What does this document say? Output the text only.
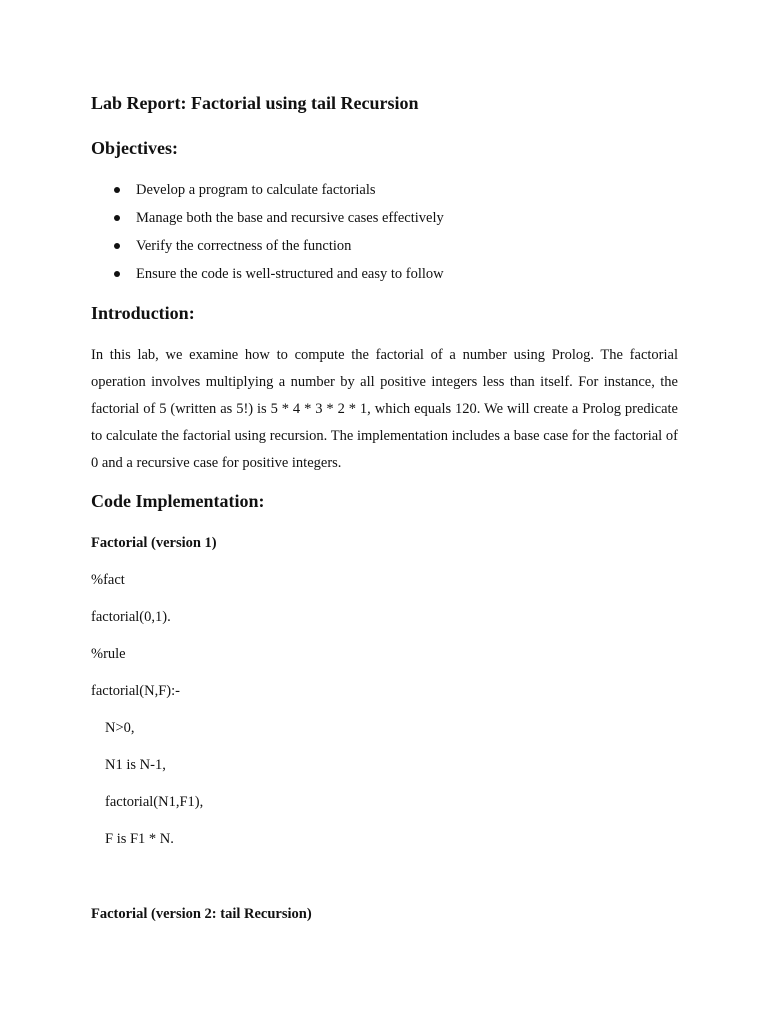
Lab Report: Factorial using tail Recursion
Objectives:
Develop a program to calculate factorials
Manage both the base and recursive cases effectively
Verify the correctness of the function
Ensure the code is well-structured and easy to follow
Introduction:

In this lab, we examine how to compute the factorial of a number using Prolog. The factorial operation involves multiplying a number by all positive integers less than itself. For instance, the factorial of 5 (written as 5!) is 5 * 4 * 3 * 2 * 1, which equals 120. We will create a Prolog predicate to calculate the factorial using recursion. The implementation includes a base case for the factorial of 0 and a recursive case for positive integers.

Code Implementation:
Factorial (version 1)
%fact
factorial(0,1).
%rule
factorial(N,F):-
N>0,
N1 is N-1,
factorial(N1,F1),
F is F1 * N.
Factorial (version 2: tail Recursion)
